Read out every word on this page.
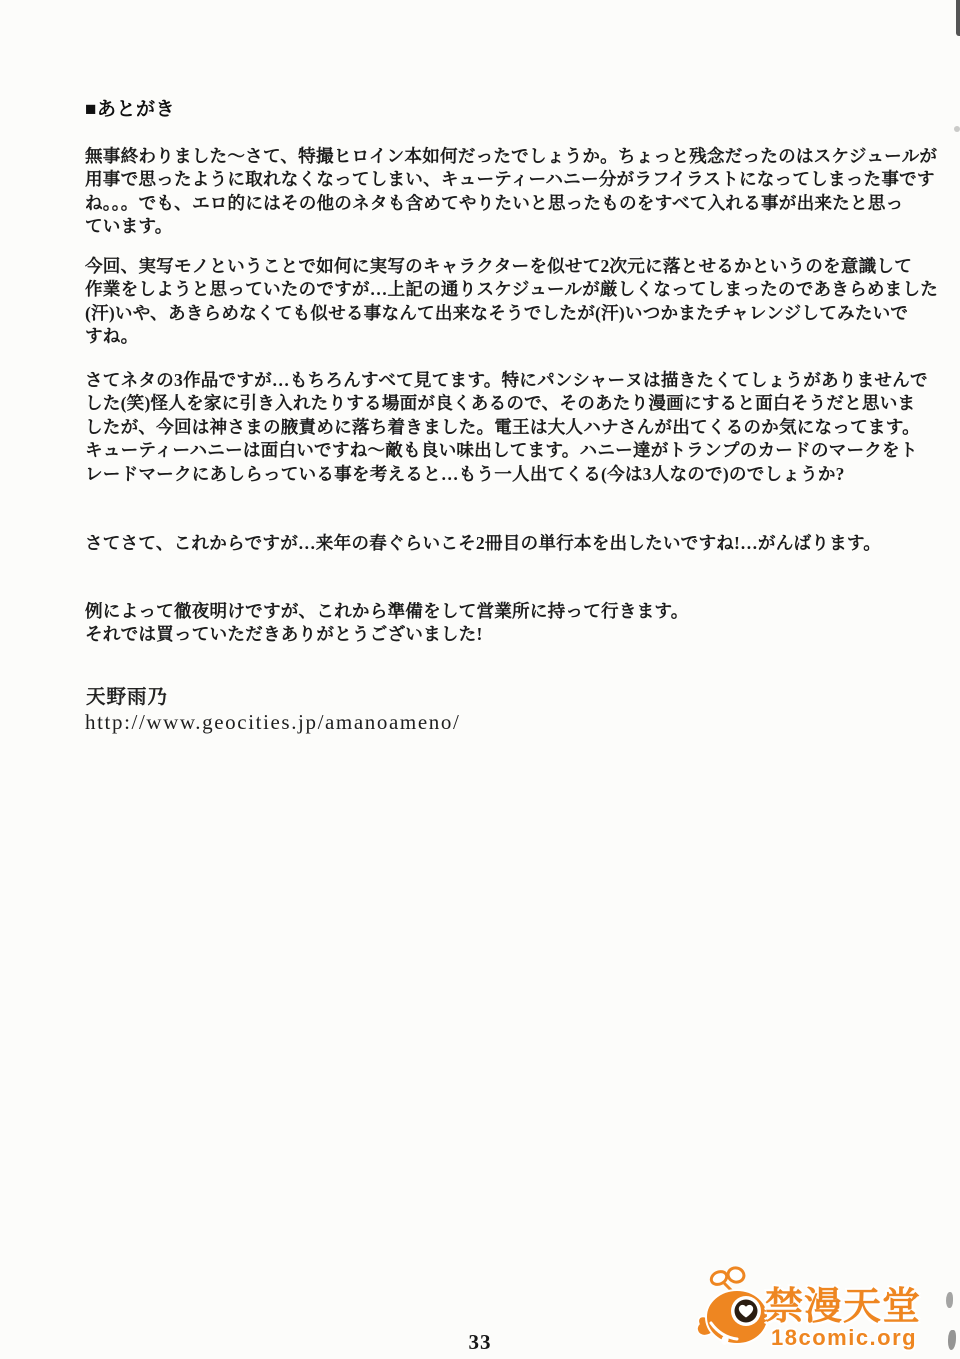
■あとがき
無事終わりました～さて、特撮ヒロイン本如何だったでしょうか。ちょっと残念だったのはスケジュールが
用事で思ったように取れなくなってしまい、キューティーハニー分がラフイラストになってしまった事です
ね。。。でも、エロ的にはその他のネタも含めてやりたいと思ったものをすべて入れる事が出来たと思っ
ています。
今回、実写モノということで如何に実写のキャラクターを似せて2次元に落とせるかというのを意識して
作業をしようと思っていたのですが…上記の通りスケジュールが厳しくなってしまったのであきらめました
(汗)いや、あきらめなくても似せる事なんて出来なそうでしたが(汗)いつかまたチャレンジしてみたいで
すね。
さてネタの3作品ですが…もちろんすべて見てます。特にパンシャーヌは描きたくてしょうがありませんで
した(笑)怪人を家に引き入れたりする場面が良くあるので、そのあたり漫画にすると面白そうだと思いま
したが、今回は神さまの腋責めに落ち着きました。電王は大人ハナさんが出てくるのか気になってます。
キューティーハニーは面白いですね～敵も良い味出してます。ハニー達がトランプのカードのマークをト
レードマークにあしらっている事を考えると…もう一人出てくる(今は3人なので)のでしょうか?
さてさて、これからですが…来年の春ぐらいこそ2冊目の単行本を出したいですね!…がんばります。
例によって徹夜明けですが、これから準備をして営業所に持って行きます。
それでは買っていただきありがとうございました!
天野雨乃
http://www.geocities.jp/amanoameno/
33
禁漫天堂
18comic.org
